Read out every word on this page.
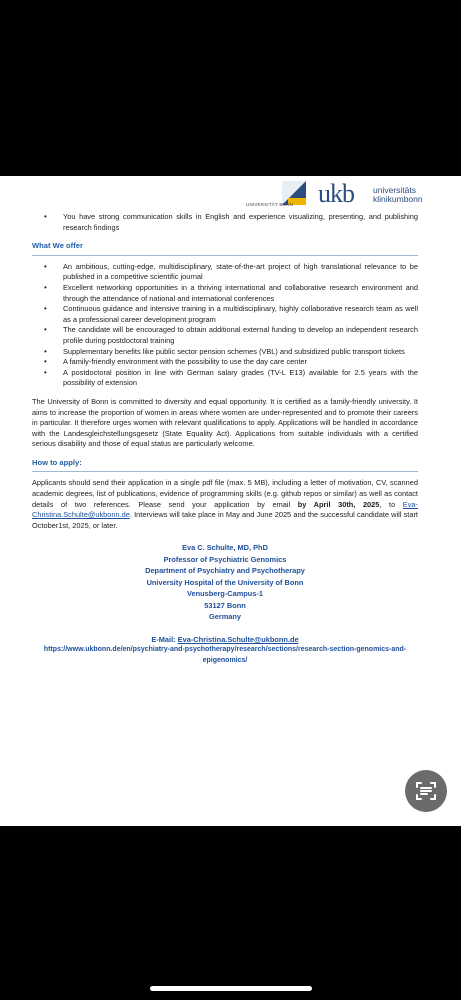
UNIVERSITÄT BONN ukb universitäts
klinikumbonn
• You have strong communication skills in English and experience visualizing, presenting, and publishing research findings
What We offer
• An ambitious, cutting-edge, multidisciplinary, state-of-the-art project of high translational relevance to be published in a competitive scientific journal
• Excellent networking opportunities in a thriving international and collaborative research environment and through the attendance of national and international conferences
• Continuous guidance and intensive training in a multidisciplinary, highly collaborative research team as well as a professional career development program
• The candidate will be encouraged to obtain additional external funding to develop an independent research profile during postdoctoral training
• Supplementary benefits like public sector pension schemes (VBL) and subsidized public transport tickets
• A family-friendly environment with the possibility to use the day care center
• A postdoctoral position in line with German salary grades (TV-L E13) available for 2.5 years with the possibility of extension

The University of Bonn is committed to diversity and equal opportunity. It is certified as a family-friendly university. It aims to increase the proportion of women in areas where women are under-represented and to promote their careers in particular. It therefore urges women with relevant qualifications to apply. Applications will be handled in accordance with the Landesgleichstellungsgesetz (State Equality Act). Applications from suitable individuals with a certified serious disability and those of equal status are particularly welcome.

How to apply:

Applicants should send their application in a single pdf file (max. 5 MB), including a letter of motivation, CV, scanned academic degrees, list of publications, evidence of programming skills (e.g. github repos or similar) as well as contact details of two references. Please send your application by email by April 30th, 2025, to Eva-Christina.Schulte@ukbonn.de. Interviews will take place in May and June 2025 and the successful candidate will start October1st, 2025, or later.

Eva C. Schulte, MD, PhD
Professor of Psychiatric Genomics
Department of Psychiatry and Psychotherapy
University Hospital of the University of Bonn
Venusberg-Campus-1
53127 Bonn
Germany
E-Mail: Eva-Christina.Schulte@ukbonn.de
https://www.ukbonn.de/en/psychiatry-and-psychotherapy/research/sections/research-section-genomics-and-epigenomics/
